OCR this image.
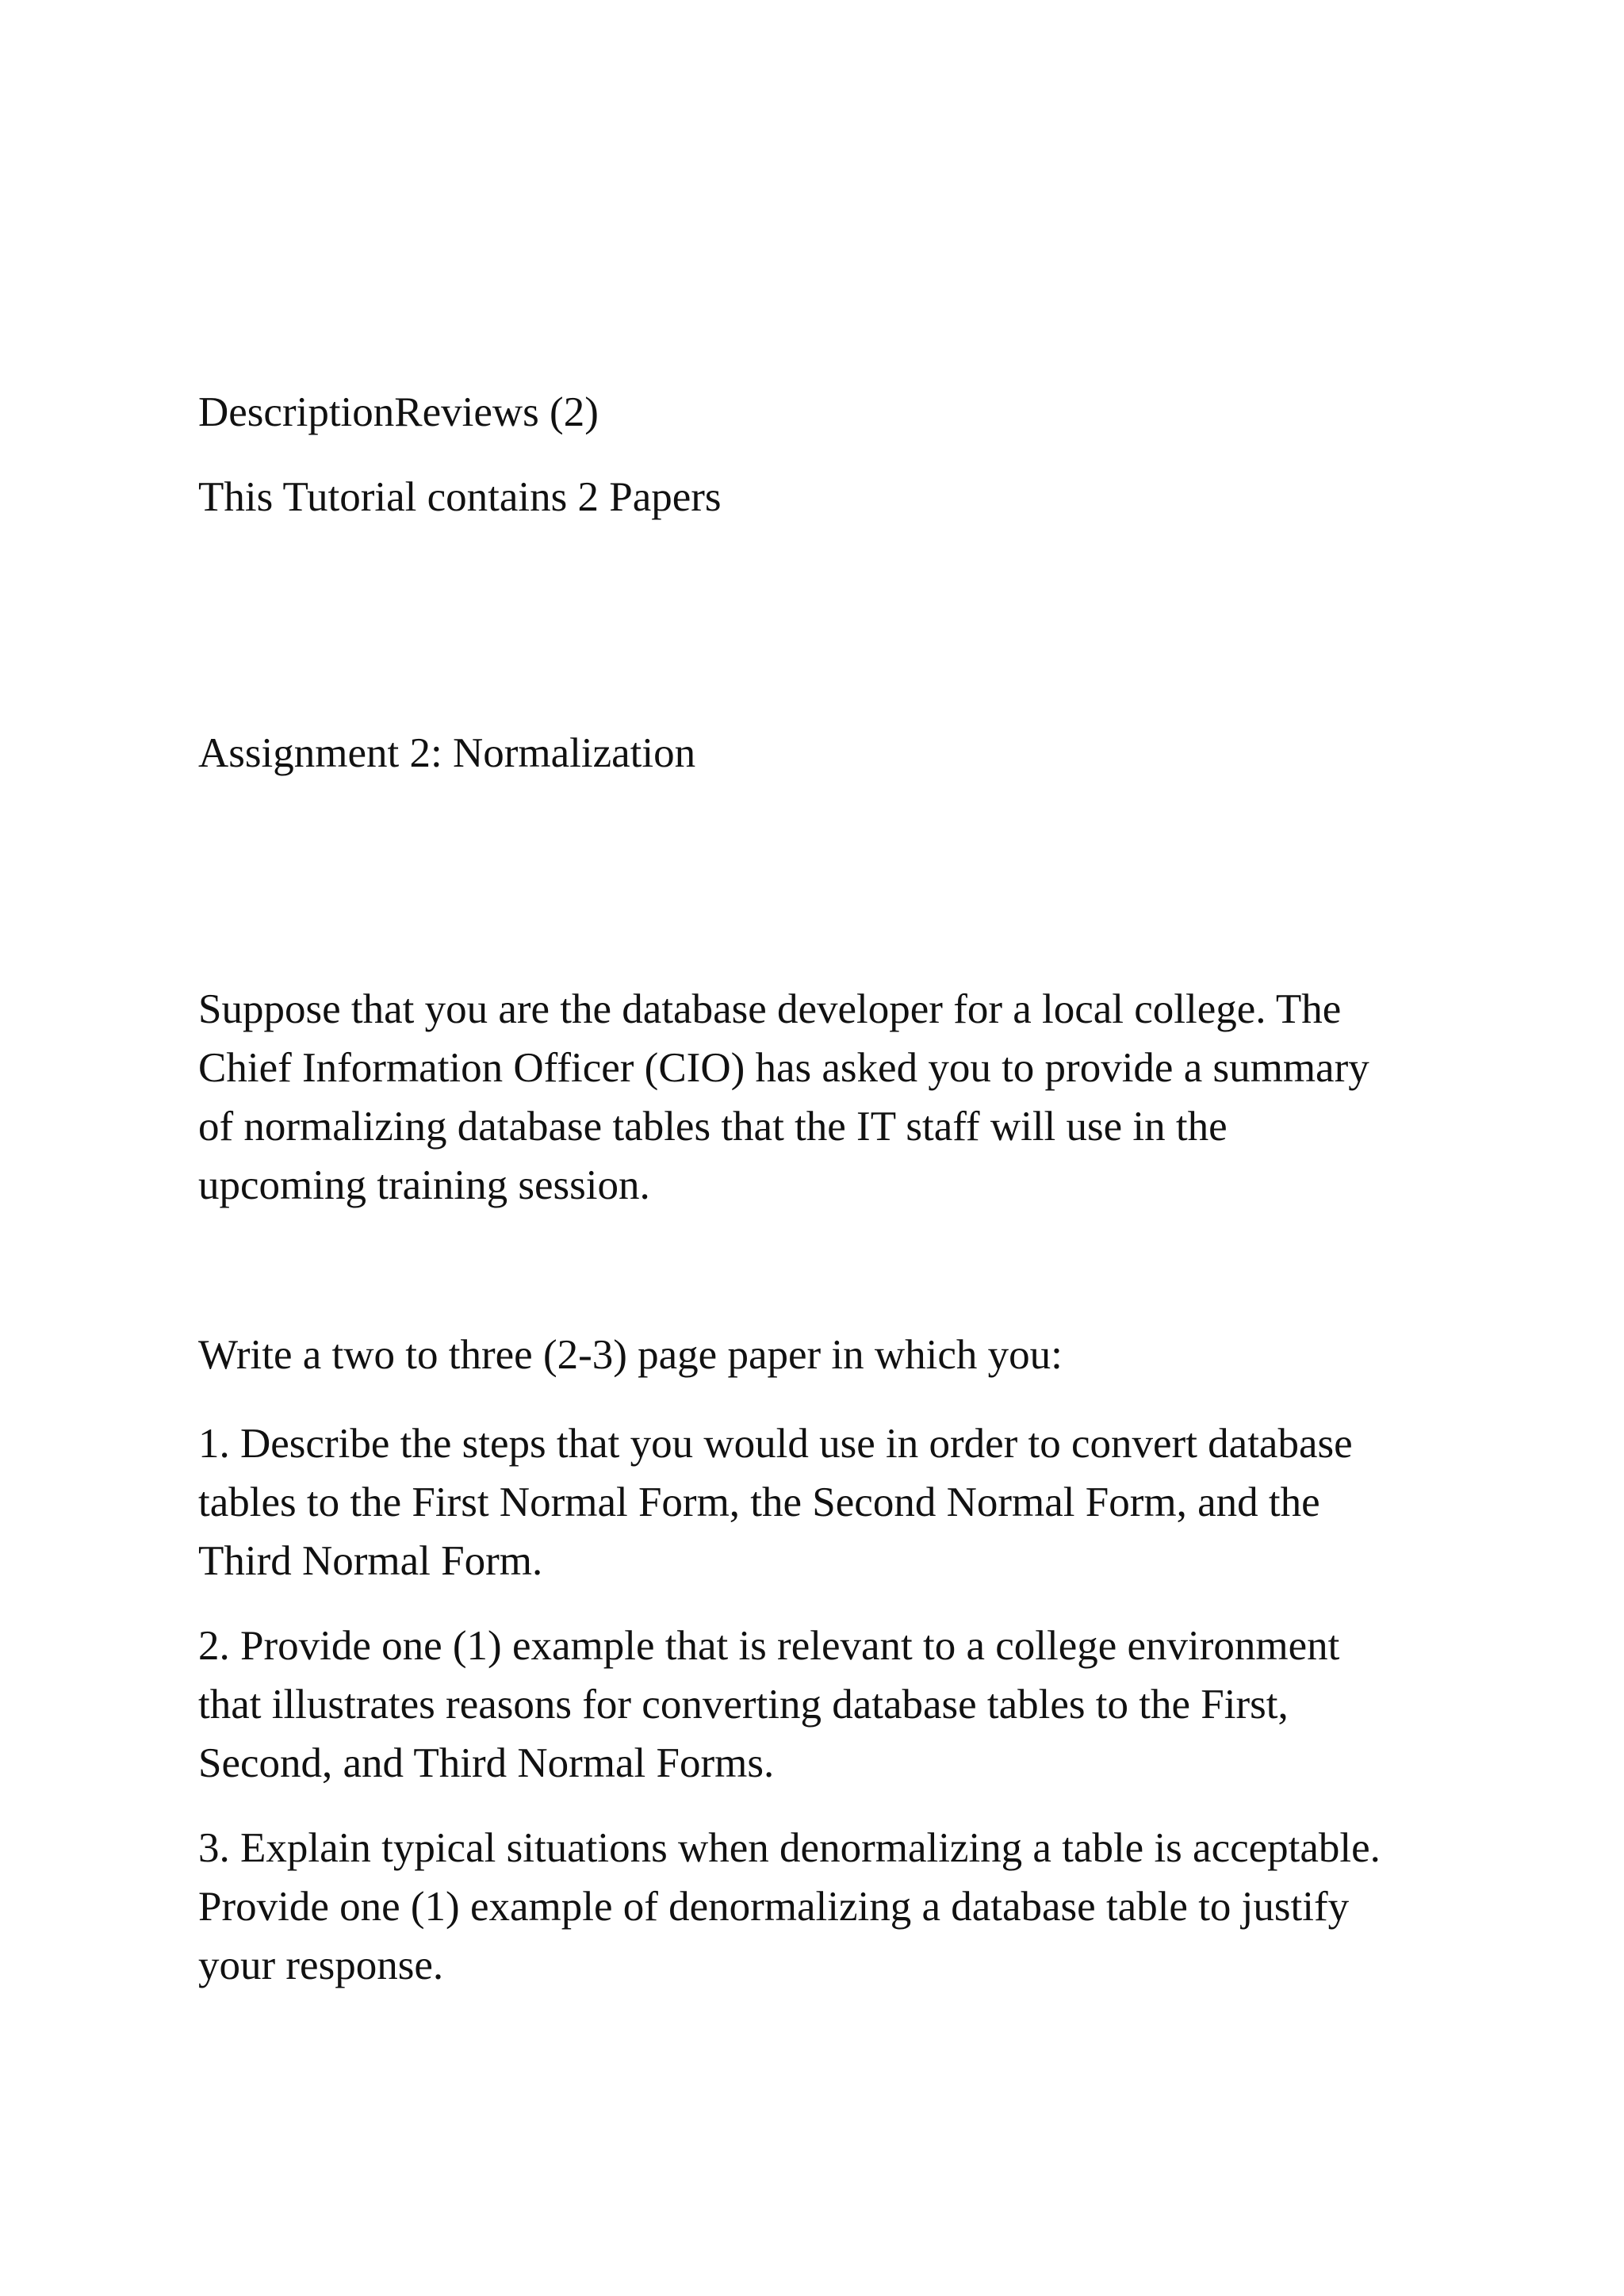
DescriptionReviews (2)

This Tutorial contains 2 Papers

Assignment 2: Normalization

Suppose that you are the database developer for a local college. The
Chief Information Officer (CIO) has asked you to provide a summary
of normalizing database tables that the IT staff will use in the
upcoming training session.

Write a two to three (2-3) page paper in which you:

1. Describe the steps that you would use in order to convert database
tables to the First Normal Form, the Second Normal Form, and the
Third Normal Form.

2. Provide one (1) example that is relevant to a college environment
that illustrates reasons for converting database tables to the First,
Second, and Third Normal Forms.

3. Explain typical situations when denormalizing a table is acceptable.
Provide one (1) example of denormalizing a database table to justify
your response.
